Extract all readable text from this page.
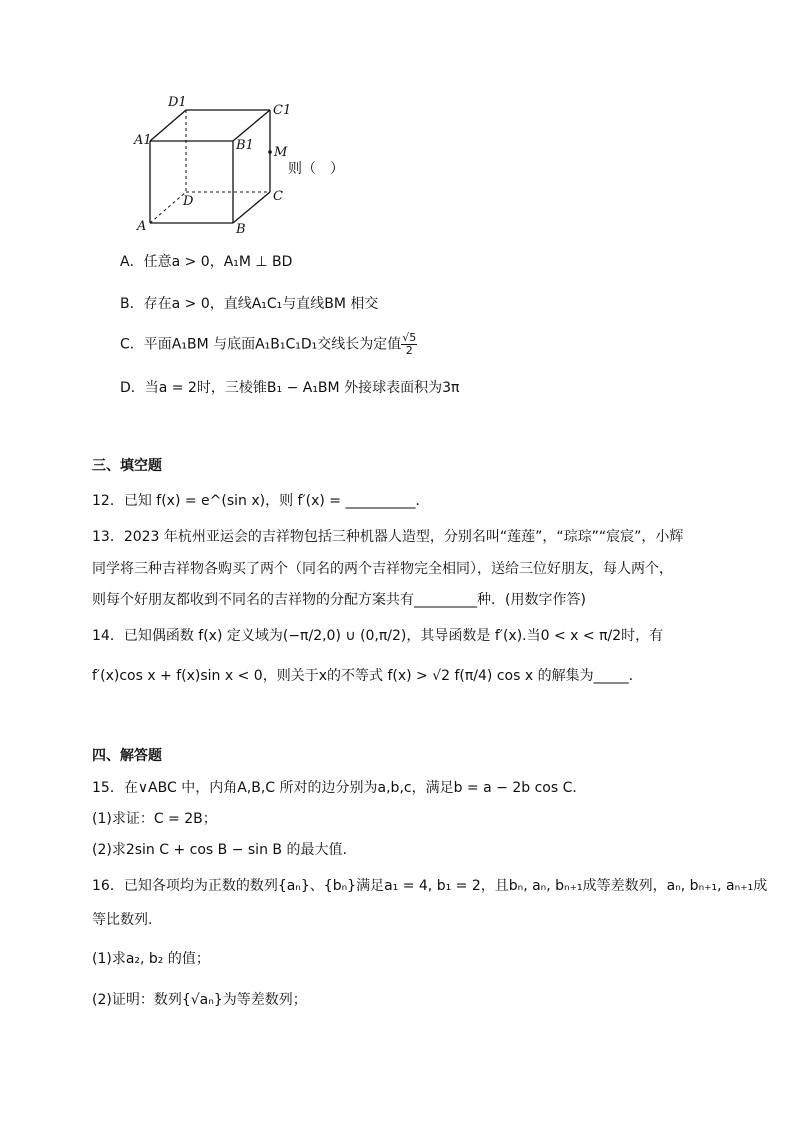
D1
C1
A1	B1 M
D	C
A	B
则（　）
A．任意a > 0，A₁M ⊥ BD
B．存在a > 0，直线A₁C₁与直线BM 相交
C．平面A₁BM 与底面A₁B₁C₁D₁交线长为定值 $\frac{√5}{2}$
D．当a = 2时，三棱锥B₁ − A₁BM 外接球表面积为3π
三、填空题
12．已知 f(x) = e^(sin x)，则 f′(x) = __________．
13．2023 年杭州亚运会的吉祥物包括三种机器人造型，分别名叫“莲莲”，“琮琮”“宸宸”，小辉
同学将三种吉祥物各购买了两个（同名的两个吉祥物完全相同），送给三位好朋友，每人两个，
则每个好朋友都收到不同名的吉祥物的分配方案共有_________种．(用数字作答)
14．已知偶函数 f(x) 定义域为(−π/2,0) ∪ (0,π/2)，其导函数是 f′(x).当0 < x < π/2时，有
f′(x)cos x + f(x)sin x < 0，则关于x的不等式 f(x) > √2 f(π/4) cos x 的解集为_____.
四、解答题
15．在∨ABC 中，内角A,B,C 所对的边分别为a,b,c，满足b = a − 2b cos C．
(1)求证：C = 2B；
(2)求2sin C + cos B − sin B 的最大值.
16．已知各项均为正数的数列{aₙ}、{bₙ}满足a₁ = 4, b₁ = 2，且bₙ, aₙ, bₙ₊₁成等差数列，aₙ, bₙ₊₁, aₙ₊₁成
等比数列.
(1)求a₂, b₂ 的值；
(2)证明：数列{√aₙ}为等差数列；
